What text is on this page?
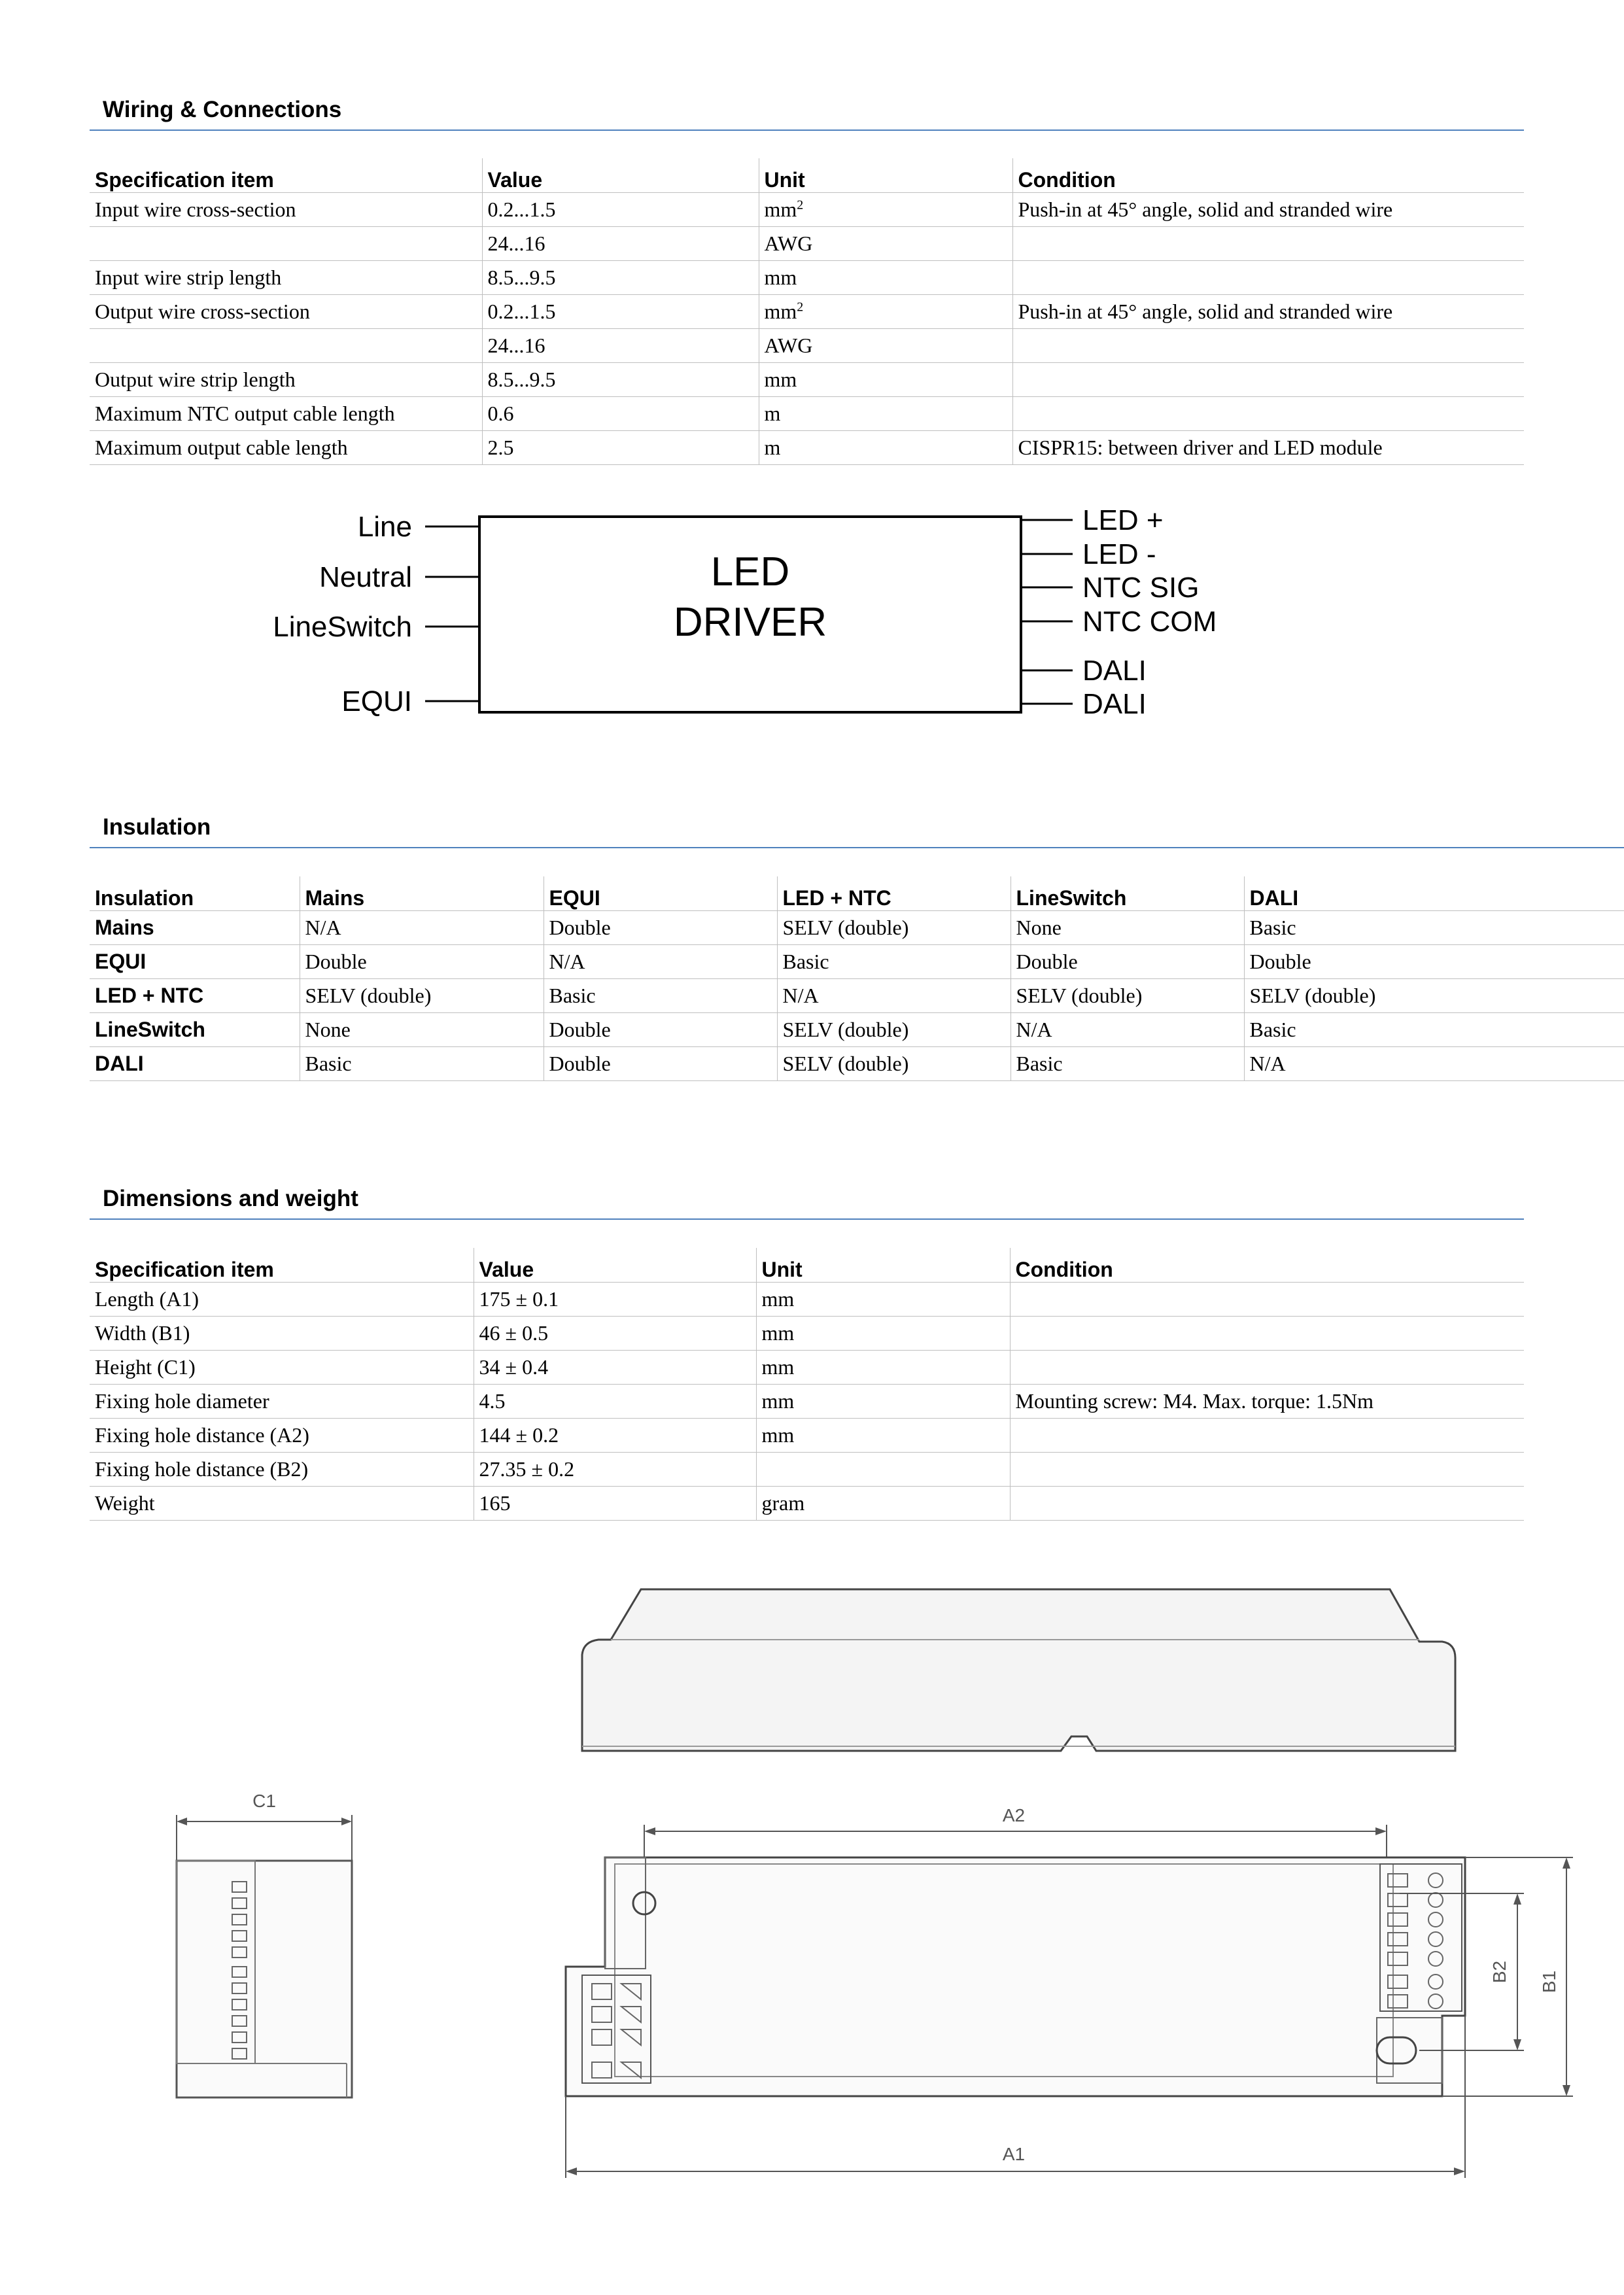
Wiring & Connections
Specification item	Value	Unit	Condition
Input wire cross-section	0.2...1.5	$mm^2$	Push-in at 45° angle, solid and stranded wire
	24...16	AWG	
Input wire strip length	8.5...9.5	mm	
Output wire cross-section	0.2...1.5	$mm^2$	Push-in at 45° angle, solid and stranded wire
	24...16	AWG	
Output wire strip length	8.5...9.5	mm	
Maximum NTC output cable length	0.6	m	
Maximum output cable length	2.5	m	CISPR15: between driver and LED module
LED
DRIVER
Line
Neutral
LineSwitch
EQUI
LED +
LED -
NTC SIG
NTC COM
DALI
DALI
Insulation
Insulation	Mains	EQUI	LED + NTC	LineSwitch	DALI
Mains	N/A	Double	SELV (double)	None	Basic
EQUI	Double	N/A	Basic	Double	Double
LED + NTC	SELV (double)	Basic	N/A	SELV (double)	SELV (double)
LineSwitch	None	Double	SELV (double)	N/A	Basic
DALI	Basic	Double	SELV (double)	Basic	N/A
Dimensions and weight
Specification item	Value	Unit	Condition
Length (A1)	175 ± 0.1	mm	
Width (B1)	46 ± 0.5	mm	
Height (C1)	34 ± 0.4	mm	
Fixing hole diameter	4.5	mm	Mounting screw: M4. Max. torque: 1.5Nm
Fixing hole distance (A2)	144 ± 0.2	mm	
Fixing hole distance (B2)	27.35 ± 0.2		
Weight	165	gram	
C1
A2
B1
B2
A1
